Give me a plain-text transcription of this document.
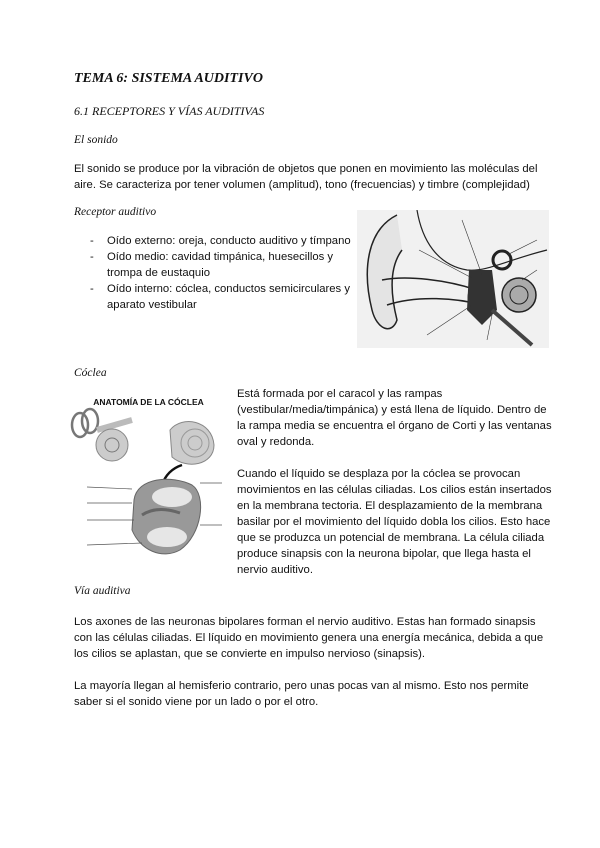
TEMA 6: SISTEMA AUDITIVO
6.1 RECEPTORES Y VÍAS AUDITIVAS
El sonido

El sonido se produce por la vibración de objetos que ponen en movimiento las moléculas del aire. Se caracteriza por tener volumen (amplitud), tono (frecuencias) y timbre (complejidad)

Receptor auditivo
- Oído externo: oreja, conducto auditivo y tímpano
- Oído medio: cavidad timpánica, huesecillos y trompa de eustaquio
- Oído interno: cóclea, conductos semicirculares y aparato vestibular
Cóclea
ANATOMÍA DE LA CÓCLEA

Está formada por el caracol y las rampas (vestibular/media/timpánica) y está llena de líquido. Dentro de la rampa media se encuentra el órgano de Corti y las ventanas oval y redonda.

Cuando el líquido se desplaza por la cóclea se provocan movimientos en las células ciliadas. Los cilios están insertados en la membrana tectoria. El desplazamiento de la membrana basilar por el movimiento del líquido dobla los cilios. Esto hace que se produzca un potencial de membrana. La célula ciliada produce sinapsis con la neurona bipolar, que llega hasta el nervio auditivo.

Vía auditiva

Los axones de las neuronas bipolares forman el nervio auditivo. Estas han formado sinapsis con las células ciliadas. El líquido en movimiento genera una energía mecánica, debida a que los cilios se aplastan, que se convierte en impulso nervioso (sinapsis).

La mayoría llegan al hemisferio contrario, pero unas pocas van al mismo. Esto nos permite saber si el sonido viene por un lado o por el otro.
